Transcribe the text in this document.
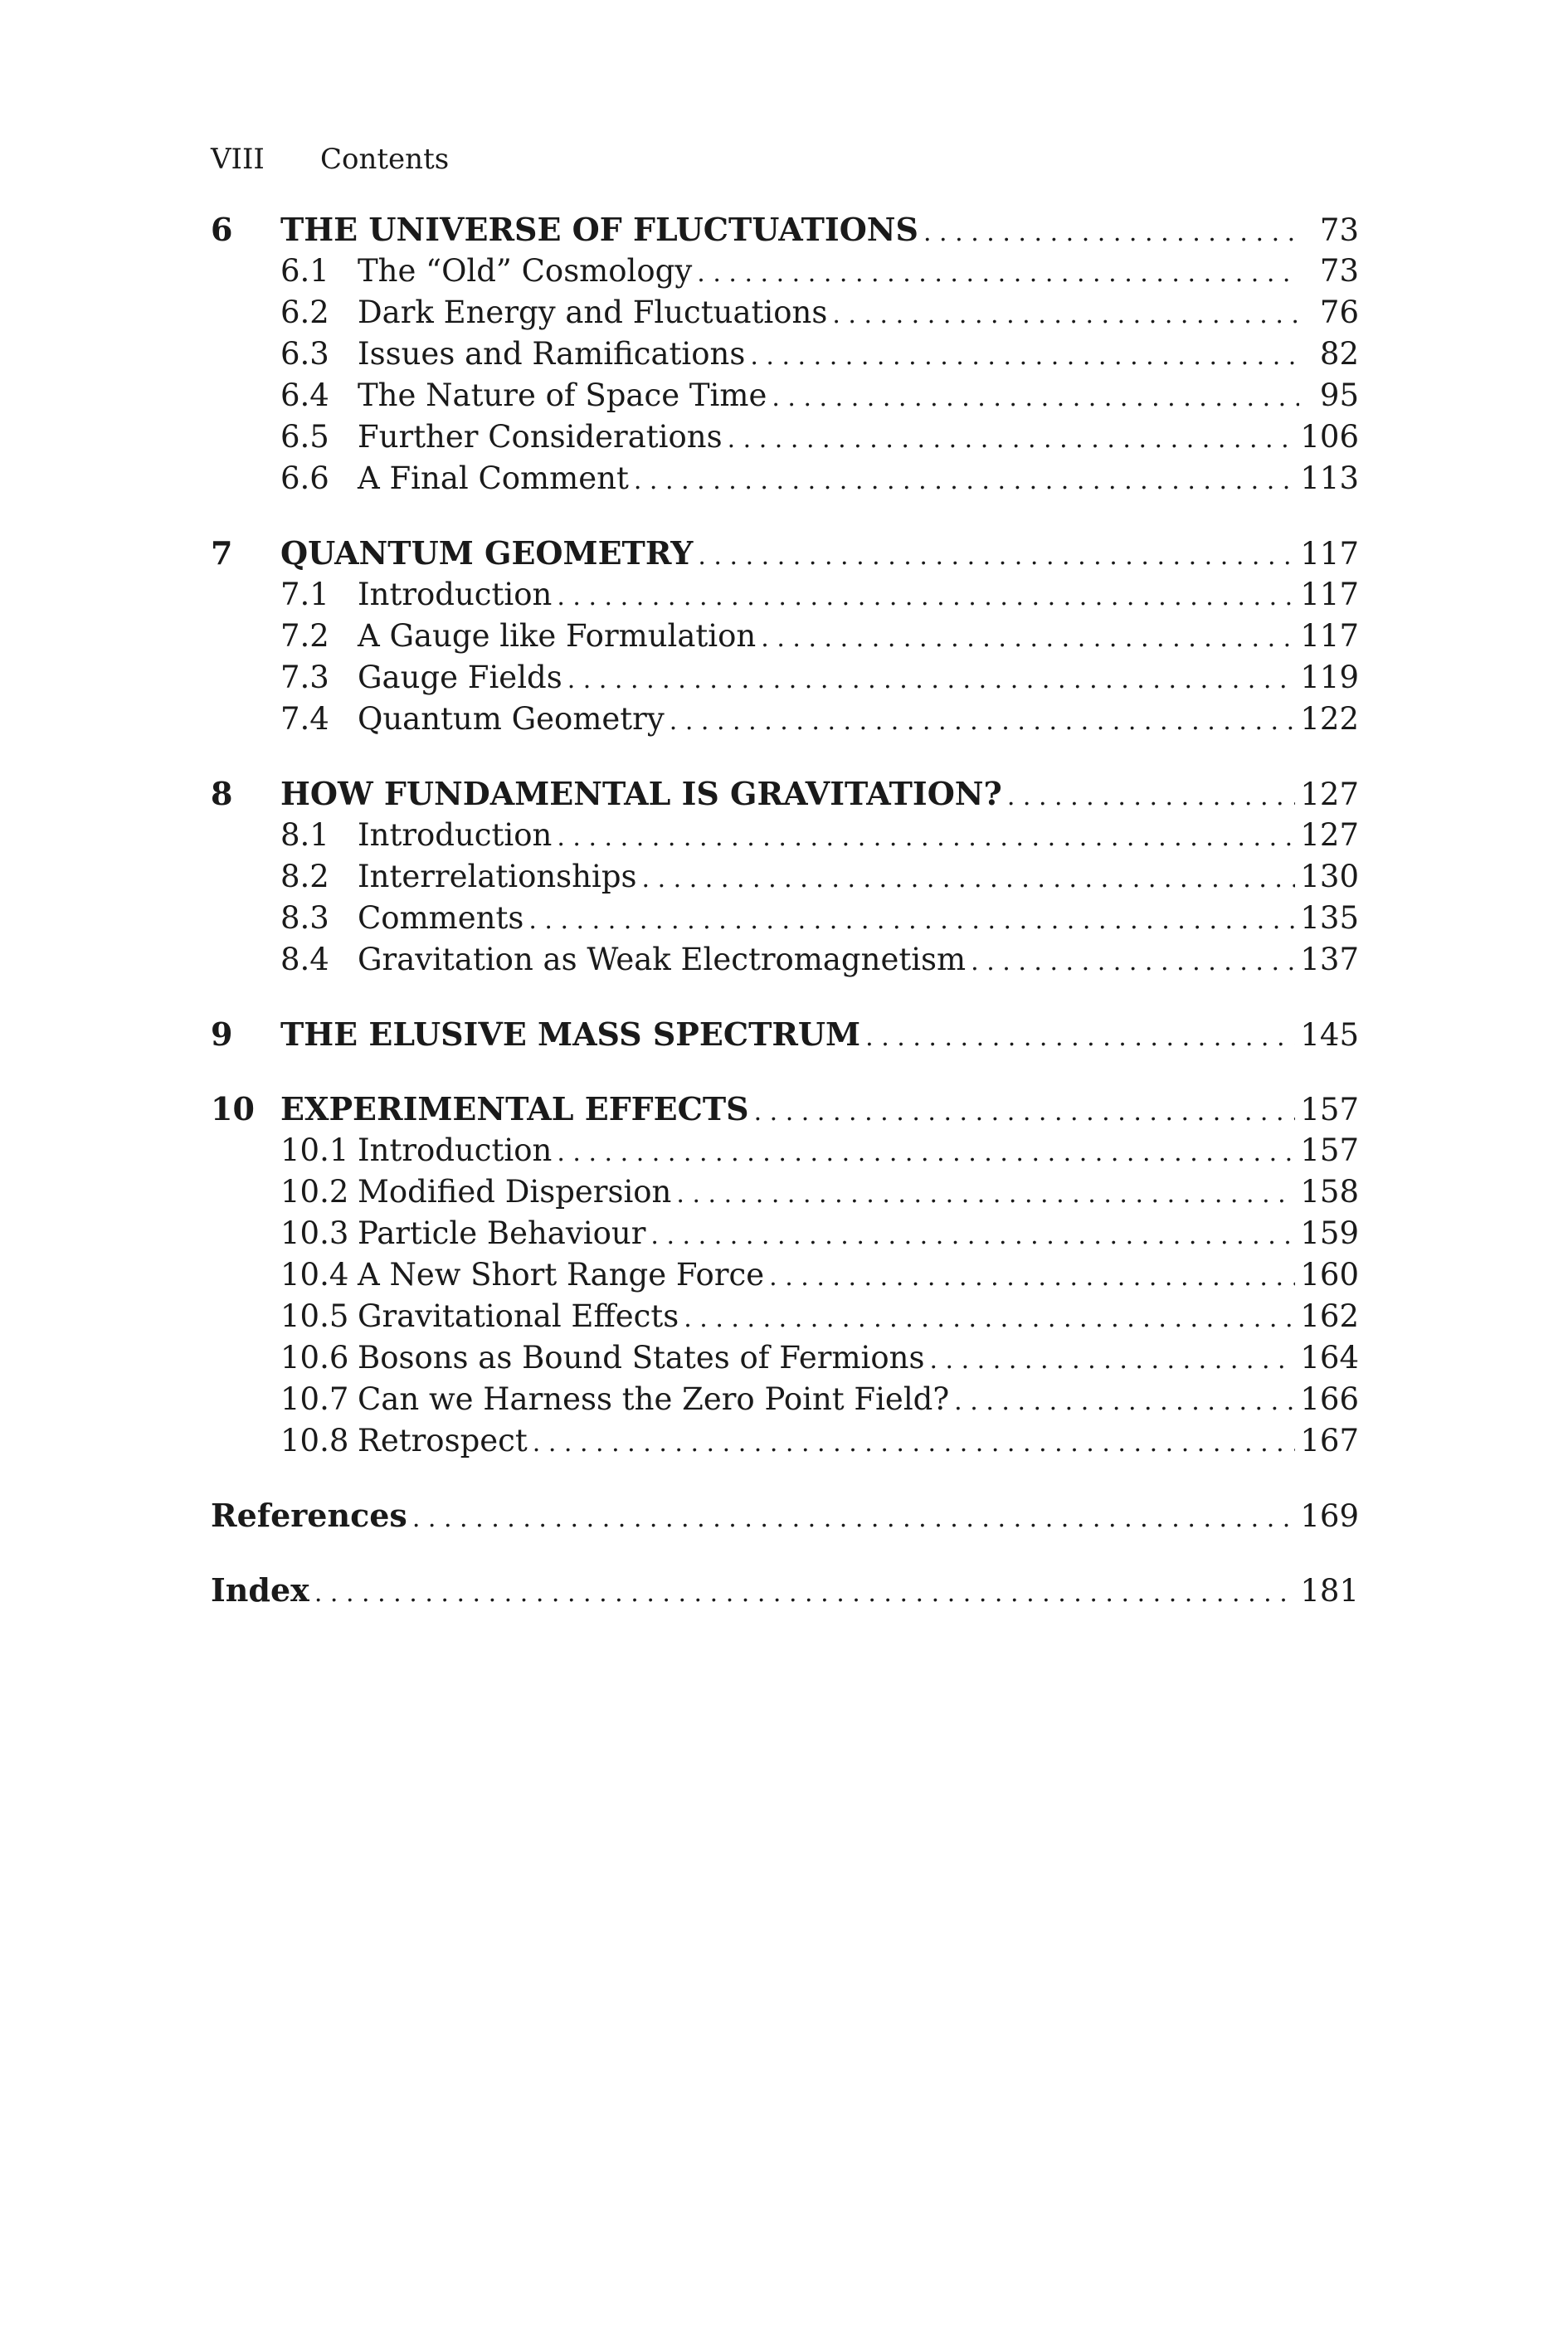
VIII Contents
6	THE UNIVERSE OF FLUCTUATIONS . . .	73
6.1 The “Old” Cosmology . . .	73
6.2 Dark Energy and Fluctuations . . .	76
6.3 Issues and Ramifications . . .	82
6.4 The Nature of Space Time . . .	95
6.5 Further Considerations . . .	106
6.6 A Final Comment . . .	113
7	QUANTUM GEOMETRY . . .	117
7.1 Introduction . . .	117
7.2 A Gauge like Formulation . . .	117
7.3 Gauge Fields . . .	119
7.4 Quantum Geometry . . .	122
8	HOW FUNDAMENTAL IS GRAVITATION? . . .	127
8.1 Introduction . . .	127
8.2 Interrelationships . . .	130
8.3 Comments . . .	135
8.4 Gravitation as Weak Electromagnetism . . .	137
9	THE ELUSIVE MASS SPECTRUM . . .	145
10 EXPERIMENTAL EFFECTS . . .	157
10.1 Introduction . . .	157
10.2 Modified Dispersion . . .	158
10.3 Particle Behaviour . . .	159
10.4 A New Short Range Force . . .	160
10.5 Gravitational Effects . . .	162
10.6 Bosons as Bound States of Fermions . . .	164
10.7 Can we Harness the Zero Point Field? . . .	166
10.8 Retrospect . . .	167
References . . .	169
Index . . .	181
